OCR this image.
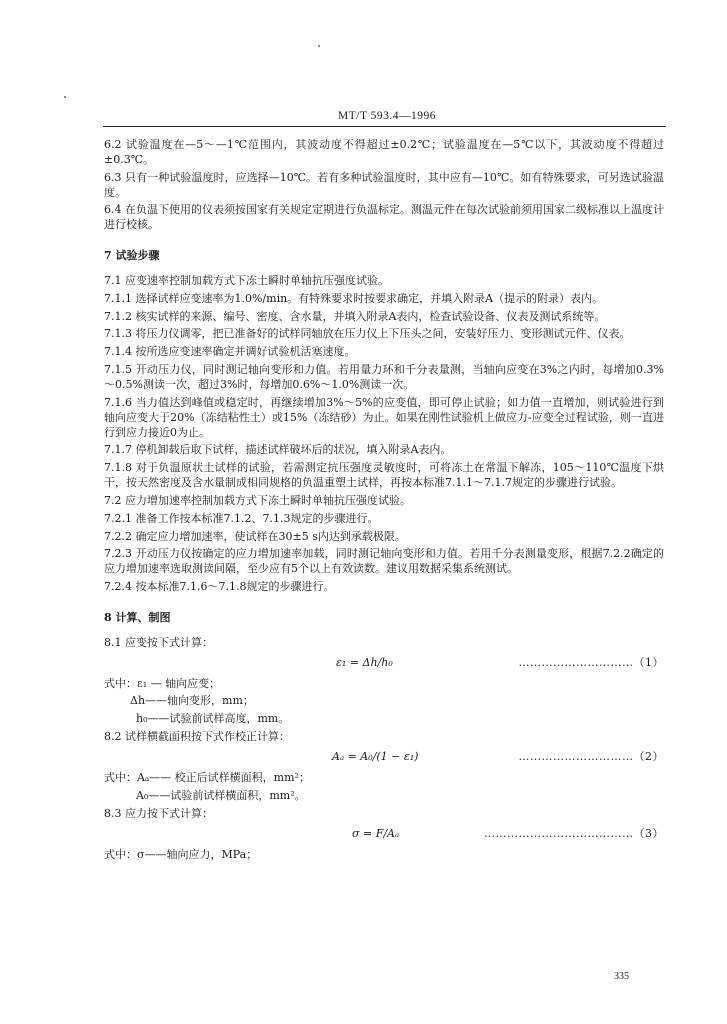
MT/T 593.4—1996

6.2 试验温度在—5～—1℃范围内，其波动度不得超过±0.2℃；试验温度在—5℃以下，其波动度不得超过±0.3℃。

6.3 只有一种试验温度时，应选择—10℃。若有多种试验温度时，其中应有—10℃。如有特殊要求，可另选试验温度。

6.4 在负温下使用的仪表须按国家有关规定定期进行负温标定。测温元件在每次试验前须用国家二级标准以上温度计进行校核。

7 试验步骤

7.1 应变速率控制加载方式下冻土瞬时单轴抗压强度试验。

7.1.1 选择试样应变速率为1.0%/min。有特殊要求时按要求确定，并填入附录A（提示的附录）表内。

7.1.2 核实试样的来源、编号、密度、含水量，并填入附录A表内，检查试验设备、仪表及测试系统等。

7.1.3 将压力仪调零，把已准备好的试样同轴放在压力仪上下压头之间，安装好压力、变形测试元件、仪表。

7.1.4 按所选应变速率确定并调好试验机活塞速度。

7.1.5 开动压力仪，同时测记轴向变形和力值。若用量力环和千分表量测，当轴向应变在3%之内时，每增加0.3%～0.5%测读一次，超过3%时，每增加0.6%～1.0%测读一次。

7.1.6 当力值达到峰值或稳定时，再继续增加3%～5%的应变值，即可停止试验；如力值一直增加，则试验进行到轴向应变大于20%（冻结粘性土）或15%（冻结砂）为止。如果在刚性试验机上做应力-应变全过程试验，则一直进行到应力接近0为止。

7.1.7 停机卸载后取下试样，描述试样破坏后的状况，填入附录A表内。

7.1.8 对于负温原状土试样的试验，若需测定抗压强度灵敏度时，可将冻土在常温下解冻，105～110℃温度下烘干，按天然密度及含水量制成相同规格的负温重塑土试样，再按本标准7.1.1～7.1.7规定的步骤进行试验。

7.2 应力增加速率控制加载方式下冻土瞬时单轴抗压强度试验。

7.2.1 准备工作按本标准7.1.2、7.1.3规定的步骤进行。

7.2.2 确定应力增加速率，使试样在30±5 s内达到承载极限。

7.2.3 开动压力仪按确定的应力增加速率加载，同时测记轴向变形和力值。若用千分表测量变形，根据7.2.2确定的应力增加速率选取测读间隔，至少应有5个以上有效读数。建议用数据采集系统测试。

7.2.4 按本标准7.1.6～7.1.8规定的步骤进行。

8 计算、制图

8.1 应变按下式计算：

ε₁ = Δh/h₀	…………………………（1）

式中：ε₁ — 轴向应变；

Δh——轴向变形，mm；

h₀——试验前试样高度，mm。

8.2 试样横截面积按下式作校正计算：

Aₐ = A₀/(1 − ε₁)	…………………………（2）

式中：Aₐ—— 校正后试样横面积，mm²；

A₀——试验前试样横面积，mm²。

8.3 应力按下式计算：

σ = F/Aₐ	…………………………………（3）

式中：σ——轴向应力，MPa；

335
